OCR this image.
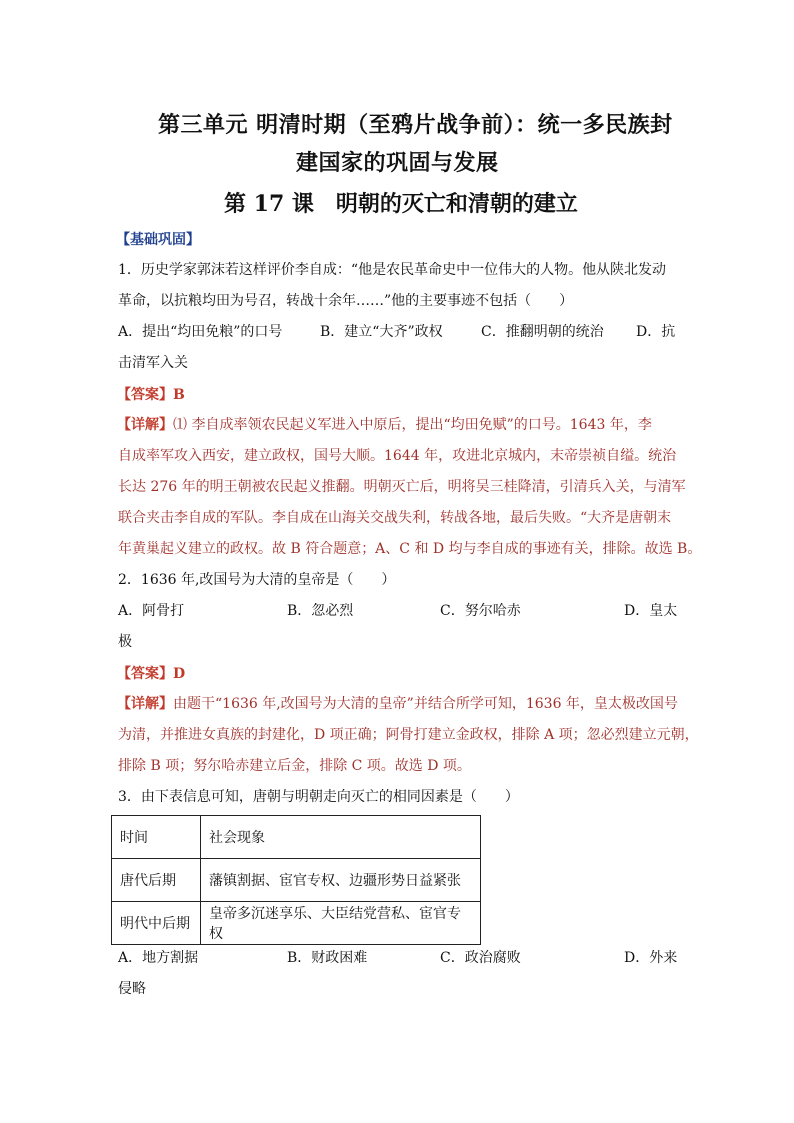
第三单元 明清时期（至鸦片战争前）：统一多民族封
建国家的巩固与发展
第 17 课　明朝的灭亡和清朝的建立
【基础巩固】
1．历史学家郭沫若这样评价李自成：“他是农民革命史中一位伟大的人物。他从陕北发动
革命，以抗粮均田为号召，转战十余年……”他的主要事迹不包括（　　）
A．提出“均田免粮”的口号	B．建立“大齐”政权	C．推翻明朝的统治 D．抗
击清军入关
【答案】B
【详解】⑴ 李自成率领农民起义军进入中原后，提出“均田免赋”的口号。1643 年，李
自成率军攻入西安，建立政权，国号大顺。1644 年，攻进北京城内，末帝崇祯自缢。统治
长达 276 年的明王朝被农民起义推翻。明朝灭亡后，明将吴三桂降清，引清兵入关，与清军
联合夹击李自成的军队。李自成在山海关交战失利，转战各地，最后失败。“大齐是唐朝末
年黄巢起义建立的政权。故 B 符合题意；A、C 和 D 均与李自成的事迹有关，排除。故选 B。
2．1636 年,改国号为大清的皇帝是（　　）
A．阿骨打	B．忽必烈	C．努尔哈赤	D．皇太
极
【答案】D
【详解】由题干“1636 年,改国号为大清的皇帝”并结合所学可知，1636 年，皇太极改国号
为清，并推进女真族的封建化，D 项正确；阿骨打建立金政权，排除 A 项；忽必烈建立元朝，
排除 B 项；努尔哈赤建立后金，排除 C 项。故选 D 项。
3．由下表信息可知，唐朝与明朝走向灭亡的相同因素是（　　）
时间	社会现象
唐代后期	藩镇割据、宦官专权、边疆形势日益紧张
明代中后期	皇帝多沉迷享乐、大臣结党营私、宦官专权
A．地方割据	B．财政困难	C．政治腐败	D．外来
侵略
